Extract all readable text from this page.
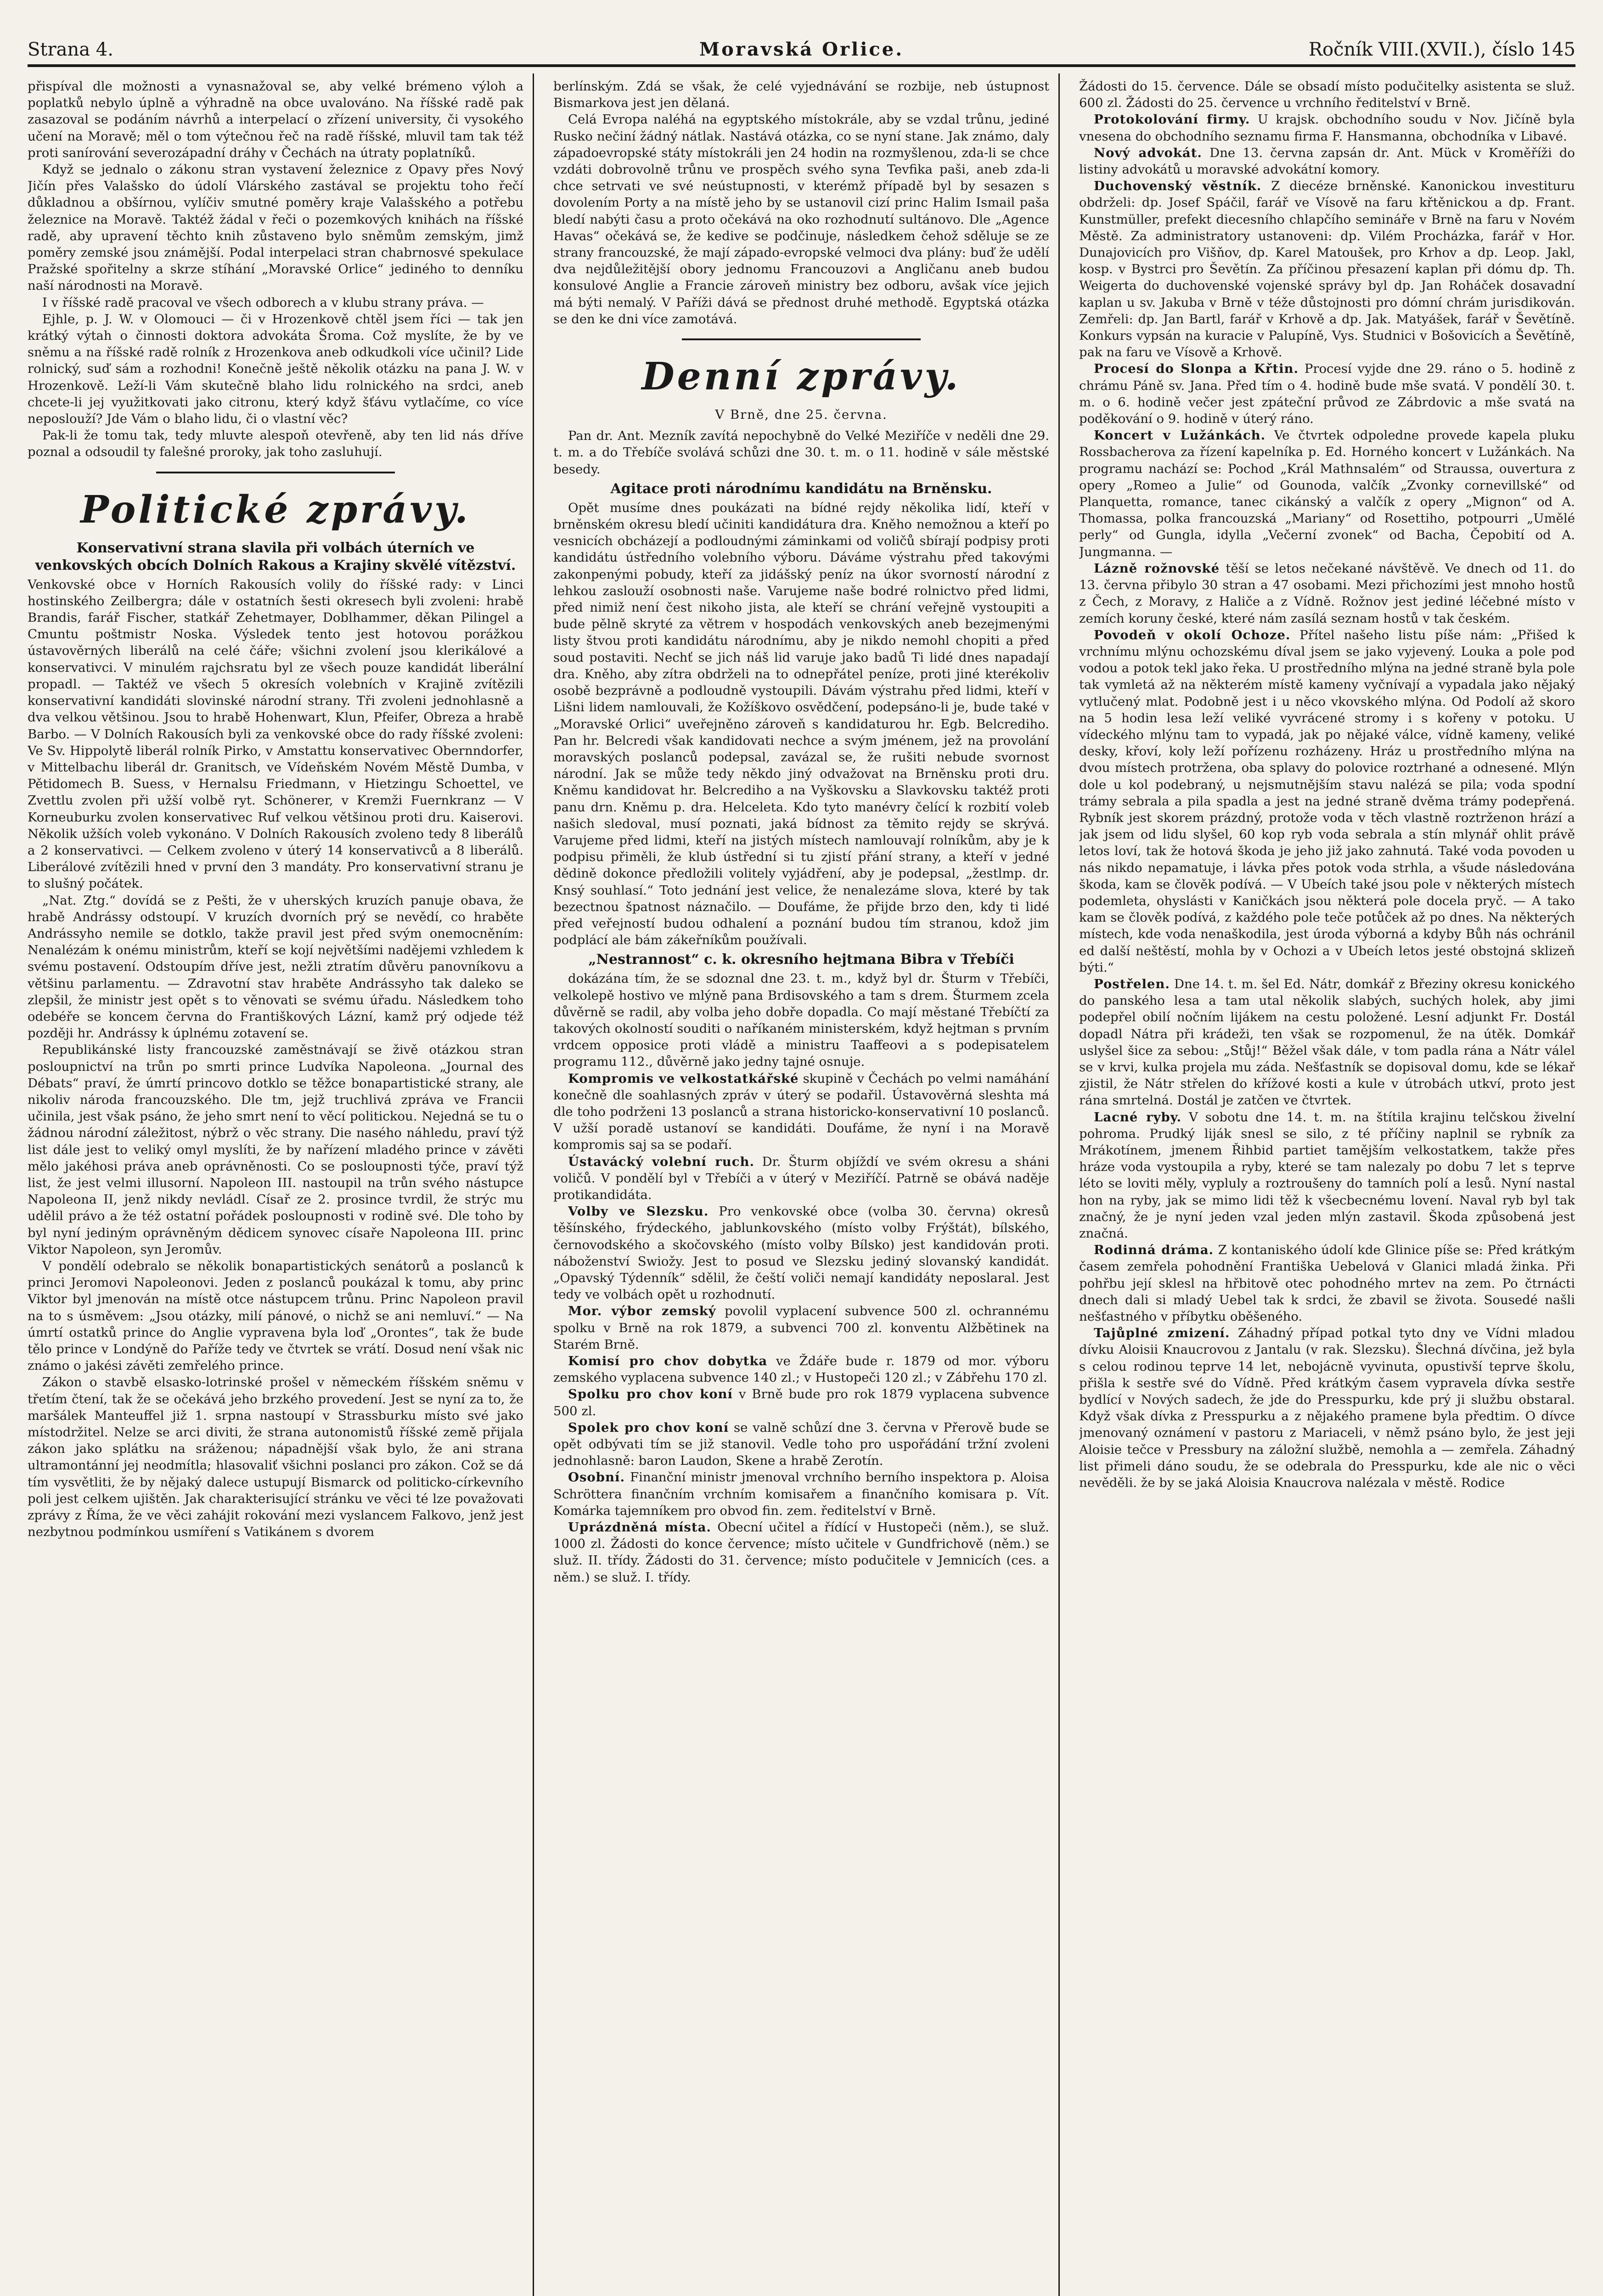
Strana 4.	Moravská Orlice.	Ročník VIII.(XVII.), číslo 145

přispíval dle možnosti a vynasnažoval se, aby velké brémeno výloh a poplatků nebylo úplně a výhradně na obce uvalováno. Na říšské radě pak zasazoval se podáním návrhů a interpelací o zřízení university, či vysokého učení na Moravě; měl o tom výtečnou řeč na radě říšské, mluvil tam tak též proti sanírování severozápadní dráhy v Čechách na útraty poplatníků.

Když se jednalo o zákonu stran vystavení železnice z Opavy přes Nový Jičín přes Valašsko do údolí Vlárského zastával se projektu toho řečí důkladnou a obšírnou, vylíčiv smutné poměry kraje Valašského a potřebu železnice na Moravě. Taktéž žádal v řeči o pozemkových knihách na říšské radě, aby upravení těchto knih zůstaveno bylo sněmům zemským, jimž poměry zemské jsou známější. Podal interpelaci stran chabrnosvé spekulace Pražské spořitelny a skrze stíhání „Moravské Orlice“ jediného to denníku naší národnosti na Moravě.

I v říšské radě pracoval ve všech odborech a v klubu strany práva. —

Ejhle, p. J. W. v Olomouci — či v Hrozenkově chtěl jsem říci — tak jen krátký výtah o činnosti doktora advokáta Šroma. Což myslíte, že by ve sněmu a na říšské radě rolník z Hrozenkova aneb odkudkoli více učinil? Lide rolnický, suď sám a rozhodni! Konečně ještě několik otázku na pana J. W. v Hrozenkově. Leží-li Vám skutečně blaho lidu rolnického na srdci, aneb chcete-li jej využitkovati jako citronu, který když šťávu vytlačíme, co více neposlouží? Jde Vám o blaho lidu, či o vlastní věc?

Pak-li že tomu tak, tedy mluvte alespoň otevřeně, aby ten lid nás dříve poznal a odsoudil ty falešné proroky, jak toho zasluhují.

Politické zprávy.
Konservativní strana slavila při volbách úterních ve venkovských obcích Dolních Rakous a Krajiny skvělé vítězství.

Venkovské obce v Horních Rakousích volily do říšské rady: v Linci hostinského Zeilbergra; dále v ostatních šesti okresech byli zvoleni: hrabě Brandis, farář Fischer, statkář Zehetmayer, Doblhammer, děkan Pilingel a Cmuntu poštmistr Noska. Výsledek tento jest hotovou porážkou ústavověrných liberálů na celé čáře; všichni zvolení jsou klerikálové a konservativci. V minulém rajchsratu byl ze všech pouze kandidát liberální propadl. — Taktéž ve všech 5 okresích volebních v Krajině zvítězili konservativní kandidáti slovinské národní strany. Tři zvoleni jednohlasně a dva velkou většinou. Jsou to hrabě Hohenwart, Klun, Pfeifer, Obreza a hrabě Barbo. — V Dolních Rakousích byli za venkovské obce do rady říšské zvoleni: Ve Sv. Hippolytě liberál rolník Pirko, v Amstattu konservativec Obernndorfer, v Mittelbachu liberál dr. Granitsch, ve Vídeňském Novém Městě Dumba, v Pětidomech B. Suess, v Hernalsu Friedmann, v Hietzingu Schoettel, ve Zvettlu zvolen při užší volbě ryt. Schönerer, v Kremži Fuernkranz — V Korneuburku zvolen konservativec Ruf velkou většinou proti dru. Kaiserovi. Několik užších voleb vykonáno. V Dolních Rakousích zvoleno tedy 8 liberálů a 2 konservativci. — Celkem zvoleno v úterý 14 konservativců a 8 liberálů. Liberálové zvítězili hned v první den 3 mandáty. Pro konservativní stranu je to slušný počátek.

„Nat. Ztg.“ dovídá se z Pešti, že v uherských kruzích panuje obava, že hrabě Andrássy odstoupí. V kruzích dvorních prý se nevědí, co hraběte Andrássyho nemile se dotklo, takže pravil jest před svým onemocněním: Nenalézám k onému ministrům, kteří se kojí největšími nadějemi vzhledem k svému postavení. Odstoupím dříve jest, nežli ztratím důvěru panovníkovu a většinu parlamentu. — Zdravotní stav hraběte Andrássyho tak daleko se zlepšil, že ministr jest opět s to věnovati se svému úřadu. Následkem toho odebéře se koncem června do Františkových Lázní, kamž prý odjede též později hr. Andrássy k úplnému zotavení se.

Republikánské listy francouzské zaměstnávají se živě otázkou stran posloupnictví na trůn po smrti prince Ludvíka Napoleona. „Journal des Débats“ praví, že úmrtí princovo dotklo se těžce bonapartistické strany, ale nikoliv národa francouzského. Dle tm, jejž truchlivá zpráva ve Francii učinila, jest však psáno, že jeho smrt není to věcí politickou. Nejedná se tu o žádnou národní záležitost, nýbrž o věc strany. Die nasého náhledu, praví týž list dále jest to veliký omyl myslíti, že by nařízení mladého prince v závěti mělo jakéhosi práva aneb oprávněnosti. Co se posloupnosti týče, praví týž list, že jest velmi illusorní. Napoleon III. nastoupil na trůn svého nástupce Napoleona II, jenž nikdy nevládl. Císař ze 2. prosince tvrdil, že strýc mu udělil právo a že též ostatní pořádek posloupnosti v rodině své. Dle toho by byl nyní jediným oprávněným dědicem synovec císaře Napoleona III. princ Viktor Napoleon, syn Jeromův.

V pondělí odebralo se několik bonapartistických senátorů a poslanců k princi Jeromovi Napoleonovi. Jeden z poslanců poukázal k tomu, aby princ Viktor byl jmenován na místě otce nástupcem trůnu. Princ Napoleon pravil na to s úsměvem: „Jsou otázky, milí pánové, o nichž se ani nemluví.“ — Na úmrtí ostatků prince do Anglie vypravena byla loď „Orontes“, tak že bude tělo prince v Londýně do Paříže tedy ve čtvrtek se vrátí. Dosud není však nic známo o jakési závěti zemřelého prince.

Zákon o stavbě elsasko-lotrinské prošel v německém říšském sněmu v třetím čtení, tak že se očekává jeho brzkého provedení. Jest se nyní za to, že maršálek Manteuffel již 1. srpna nastoupí v Strassburku místo své jako místodržitel. Nelze se arci diviti, že strana autonomistů říšské země přijala zákon jako splátku na sráženou; nápadnější však bylo, že ani strana ultramontánní jej neodmítla; hlasovaliť všichni poslanci pro zákon. Což se dá tím vysvětliti, že by nějaký dalece ustupují Bismarck od politicko-církevního poli jest celkem ujištěn. Jak charakterisující stránku ve věci té lze považovati zprávy z Říma, že ve věci zahájit rokování mezi vyslancem Falkovo, jenž jest nezbytnou podmínkou usmíření s Vatikánem s dvorem

berlínským. Zdá se však, že celé vyjednávání se rozbije, neb ústupnost Bismarkova jest jen dělaná.

Celá Evropa naléhá na egyptského místokrále, aby se vzdal trůnu, jediné Rusko nečiní žádný nátlak. Nastává otázka, co se nyní stane. Jak známo, daly západoevropské státy místokráli jen 24 hodin na rozmyšlenou, zda-li se chce vzdáti dobrovolně trůnu ve prospěch svého syna Tevfika paši, aneb zda-li chce setrvati ve své neústupnosti, v kterémž případě byl by sesazen s dovolením Porty a na místě jeho by se ustanovil cizí princ Halim Ismail paša bledí nabýti času a proto očekává na oko rozhodnutí sultánovo. Dle „Agence Havas“ očekává se, že kedive se podčinuje, následkem čehož sděluje se ze strany francouzské, že mají západo-evropské velmoci dva plány: buď že udělí dva nejdůležitější obory jednomu Francouzovi a Angličanu aneb budou konsulové Anglie a Francie zároveň ministry bez odboru, avšak více jejich má býti nemalý. V Paříži dává se přednost druhé methodě. Egyptská otázka se den ke dni více zamotává.

Denní zprávy.
V Brně, dne 25. června.

Pan dr. Ant. Mezník zavítá nepochybně do Velké Meziříče v neděli dne 29. t. m. a do Třebíče svolává schůzi dne 30. t. m. o 11. hodině v sále městské besedy.

Agitace proti národnímu kandidátu na Brněnsku.

Opět musíme dnes poukázati na bídné rejdy několika lidí, kteří v brněnském okresu bledí učiniti kandidátura dra. Kněho nemožnou a kteří po vesnicích obcházejí a podloudnými záminkami od voličů sbírají podpisy proti kandidátu ústředního volebního výboru. Dáváme výstrahu před takovými zakonpenými pobudy, kteří za jidášský peníz na úkor svorností národní z lehkou zaslouží osobnosti naše. Varujeme naše bodré rolnictvo před lidmi, před nimiž není čest nikoho jista, ale kteří se chrání veřejně vystoupiti a bude pělně skryté za větrem v hospodách venkovských aneb bezejmenými listy štvou proti kandidátu národnímu, aby je nikdo nemohl chopiti a před soud postaviti. Nechť se jich náš lid varuje jako badů Ti lidé dnes napadají dra. Kněho, aby zítra obdrželi na to odnepřátel peníze, proti jiné kterékoliv osobě bezprávně a podloudně vystoupili. Dávám výstrahu před lidmi, kteří v Lišni lidem namlouvali, že Kožíškovo osvědčení, podepsáno-li je, bude také v „Moravské Orlici“ uveřejněno zároveň s kandidaturou hr. Egb. Belcrediho. Pan hr. Belcredi však kandidovati nechce a svým jménem, jež na provolání moravských poslanců podepsal, zavázal se, že rušiti nebude svornost národní. Jak se může tedy někdo jiný odvažovat na Brněnsku proti dru. Kněmu kandidovat hr. Belcrediho a na Vyškovsku a Slavkovsku taktéž proti panu drn. Kněmu p. dra. Helceleta. Kdo tyto manévry čelící k rozbití voleb našich sledoval, musí poznati, jaká bídnost za těmito rejdy se skrývá. Varujeme před lidmi, kteří na jistých místech namlouvají rolníkům, aby je k podpisu přiměli, že klub ústřední si tu zjistí přání strany, a kteří v jedné dědině dokonce předložili volitely vyjádření, aby je podepsal, „žestlmp. dr. Knsý souhlasí.“ Toto jednání jest velice, že nenalezáme slova, které by tak bezectnou špatnost náznačilo. — Doufáme, že přijde brzo den, kdy ti lidé před veřejností budou odhalení a poznání budou tím stranou, kdož jim podplácí ale bám zákeřníkům používali.

„Nestrannost“ c. k. okresního hejtmana Bibra v Třebíči

dokázána tím, že se sdoznal dne 23. t. m., když byl dr. Šturm v Třebíči, velkolepě hostivo ve mlýně pana Brdisovského a tam s drem. Šturmem zcela důvěrně se radil, aby volba jeho dobře dopadla. Co mají městané Třebíčtí za takových okolností souditi o naříkaném ministerském, když hejtman s prvním vrdcem opposice proti vládě a ministru Taaffeovi a s podepisatelem programu 112., důvěrně jako jedny tajné osnuje.

Kompromis ve velkostatkářské skupině v Čechách po velmi namáhání konečně dle soahlasných zpráv v úterý se podařil. Ústavověrná sleshta má dle toho podrženi 13 poslanců a strana historicko-konservativní 10 poslanců. V užší poradě ustanoví se kandidáti. Doufáme, že nyní i na Moravě kompromis saj sa se podaří.

Ústavácký volební ruch. Dr. Šturm objíždí ve svém okresu a sháni voličů. V pondělí byl v Třebíči a v úterý v Meziříčí. Patrně se obává naděje protikandidáta.

Volby ve Slezsku. Pro venkovské obce (volba 30. června) okresů těšínského, frýdeckého, jablunkovského (místo volby Frýštát), bílského, černovodského a skočovského (místo volby Bílsko) jest kandidován proti. náboženství Swiožy. Jest to posud ve Slezsku jediný slovanský kandidát. „Opavský Týdenník“ sdělil, že čeští voliči nemají kandidáty neposlaral. Jest tedy ve volbách opět u rozhodnutí.

Mor. výbor zemský povolil vyplacení subvence 500 zl. ochrannému spolku v Brně na rok 1879, a subvenci 700 zl. konventu Alžbětinek na Starém Brně.

Komisí pro chov dobytka ve Ždáře bude r. 1879 od mor. výboru zemského vyplacena subvence 140 zl.; v Hustopeči 120 zl.; v Zábřehu 170 zl.

Spolku pro chov koní v Brně bude pro rok 1879 vyplacena subvence 500 zl.

Spolek pro chov koní se valně schůzí dne 3. června v Přerově bude se opět odbývati tím se již stanovil. Vedle toho pro uspořádání tržní zvoleni jednohlasně: baron Laudon, Skene a hrabě Zerotín.

Osobní. Finanční ministr jmenoval vrchního berního inspektora p. Aloisa Schröttera finančním vrchním komisařem a finančního komisara p. Vít. Komárka tajemníkem pro obvod fin. zem. ředitelství v Brně.

Uprázdněná místa. Obecní učitel a řídící v Hustopeči (něm.), se služ. 1000 zl. Žádosti do konce července; místo učitele v Gundfrichově (něm.) se služ. II. třídy. Žádosti do 31. července; místo podučitele v Jemnicích (ces. a něm.) se služ. I. třídy.

Žádosti do 15. července. Dále se obsadí místo podučitelky asistenta se služ. 600 zl. Žádosti do 25. července u vrchního ředitelství v Brně.

Protokolování firmy. U krajsk. obchodního soudu v Nov. Jičíně byla vnesena do obchodního seznamu firma F. Hansmanna, obchodníka v Libavé.

Nový advokát. Dne 13. června zapsán dr. Ant. Mück v Kroměříži do listiny advokátů u moravské advokátní komory.

Duchovenský věstník. Z diecéze brněnské. Kanonickou investituru obdrželi: dp. Josef Spáčil, farář ve Vísově na faru křtěnickou a dp. Frant. Kunstmüller, prefekt diecesního chlapčího semináře v Brně na faru v Novém Městě. Za administratory ustanoveni: dp. Vilém Procházka, farář v Hor. Dunajovicích pro Višňov, dp. Karel Matoušek, pro Krhov a dp. Leop. Jakl, kosp. v Bystrci pro Ševětín. Za příčinou přesazení kaplan při dómu dp. Th. Weigerta do duchovenské vojenské správy byl dp. Jan Roháček dosavadní kaplan u sv. Jakuba v Brně v téže důstojnosti pro dómní chrám jurisdikován. Zemřeli: dp. Jan Bartl, farář v Krhově a dp. Jak. Matyášek, farář v Ševětíně. Konkurs vypsán na kuracie v Palupíně, Vys. Studnici v Bošovicích a Ševětíně, pak na faru ve Vísově a Krhově.

Procesí do Slonpa a Křtin. Procesí vyjde dne 29. ráno o 5. hodině z chrámu Páně sv. Jana. Před tím o 4. hodině bude mše svatá. V pondělí 30. t. m. o 6. hodině večer jest zpáteční průvod ze Zábrdovic a mše svatá na poděkování o 9. hodině v úterý ráno.

Koncert v Lužánkách. Ve čtvrtek odpoledne provede kapela pluku Rossbacherova za řízení kapelníka p. Ed. Horného koncert v Lužánkách. Na programu nachází se: Pochod „Král Mathnsalém“ od Straussa, ouvertura z opery „Romeo a Julie“ od Gounoda, valčík „Zvonky cornevillské“ od Planquetta, romance, tanec cikánský a valčík z opery „Mignon“ od A. Thomassa, polka francouzská „Mariany“ od Rosettiho, potpourri „Umělé perly“ od Gungla, idylla „Večerní zvonek“ od Bacha, Čepobití od A. Jungmanna. —

Lázně rožnovské těší se letos nečekané návštěvě. Ve dnech od 11. do 13. června přibylo 30 stran a 47 osobami. Mezi přichozími jest mnoho hostů z Čech, z Moravy, z Haliče a z Vídně. Rožnov jest jediné léčebné místo v zemích koruny české, které nám zasílá seznam hostů v tak českém.

Povodeň v okolí Ochoze. Přítel našeho listu píše nám: „Přišed k vrchnímu mlýnu ochozskému díval jsem se jako vyjevený. Louka a pole pod vodou a potok tekl jako řeka. U prostředního mlýna na jedné straně byla pole tak vymletá až na některém místě kameny vyčnívají a vypadala jako nějaký vytlučený mlat. Podobně jest i u něco vkovského mlýna. Od Podolí až skoro na 5 hodin lesa leží veliké vyvrácené stromy i s kořeny v potoku. U vídeckého mlýnu tam to vypadá, jak po nějaké válce, vídně kameny, veliké desky, křoví, koly leží pořízenu rozházeny. Hráz u prostředního mlýna na dvou místech protržena, oba splavy do polovice roztrhané a odnesené. Mlýn dole u kol podebraný, u nejsmutnějším stavu nalézá se pila; voda spodní trámy sebrala a pila spadla a jest na jedné straně dvěma trámy podepřená. Rybník jest skorem prázdný, protože voda v těch vlastně roztrženon hrází a jak jsem od lidu slyšel, 60 kop ryb voda sebrala a stín mlynář ohlit právě letos loví, tak že hotová škoda je jeho již jako zahnutá. Také voda povoden u nás nikdo nepamatuje, i lávka přes potok voda strhla, a všude následována škoda, kam se člověk podívá. — V Ubeích také jsou pole v některých místech podemleta, ohyslásti v Kaničkách jsou některá pole docela pryč. — A tako kam se člověk podívá, z každého pole teče potůček až po dnes. Na některých místech, kde voda nenaškodila, jest úroda výborná a kdyby Bůh nás ochránil ed další neštěstí, mohla by v Ochozi a v Ubeích letos jesté obstojná sklizeň býti.“

Postřelen. Dne 14. t. m. šel Ed. Nátr, domkář z Březiny okresu konického do panského lesa a tam utal několik slabých, suchých holek, aby jimi podepřel obilí nočním lijákem na cestu položené. Lesní adjunkt Fr. Dostál dopadl Nátra při krádeži, ten však se rozpomenul, že na útěk. Domkář uslyšel šice za sebou: „Stůj!“ Běžel však dále, v tom padla rána a Nátr válel se v krvi, kulka projela mu záda. Nešťastník se dopisoval domu, kde se lékař zjistil, že Nátr střelen do křížové kosti a kule v útrobách utkví, proto jest rána smrtelná. Dostál je zatčen ve čtvrtek.

Lacné ryby. V sobotu dne 14. t. m. na štítila krajinu telčskou živelní pohroma. Prudký liják snesl se silo, z té příčiny naplnil se rybník za Mrákotínem, jmenem Řihbid partiet tamějším velkostatkem, takže přes hráze voda vystoupila a ryby, které se tam nalezaly po dobu 7 let s teprve léto se loviti měly, vypluly a roztroušeny do tamních polí a lesů. Nyní nastal hon na ryby, jak se mimo lidi těž k všecbecnému lovení. Naval ryb byl tak značný, že je nyní jeden vzal jeden mlýn zastavil. Škoda způsobená jest značná.

Rodinná dráma. Z kontaniského údolí kde Glinice píše se: Před krátkým časem zemřela pohodnění Františka Uebelová v Glanici mladá žinka. Při pohřbu její sklesl na hřbitově otec pohodného mrtev na zem. Po čtrnácti dnech dali si mladý Uebel tak k srdci, že zbavil se života. Sousedé našli nešťastného v příbytku oběšeného.

Tajůplné zmizení. Záhadný případ potkal tyto dny ve Vídni mladou dívku Aloisii Knaucrovou z Jantalu (v rak. Slezsku). Šlechná dívčina, jež byla s celou rodinou teprve 14 let, nebojácně vyvinuta, opustivší teprve školu, přišla k sestře své do Vídně. Před krátkým časem vypravela dívka sestře bydlící v Nových sadech, že jde do Presspurku, kde prý ji službu obstaral. Když však dívka z Presspurku a z nějakého pramene byla předtim. O dívce jmenovaný oznámení v pastoru z Mariaceli, v němž psáno bylo, že jest jeji Aloisie tečce v Pressbury na záložní službě, nemohla a — zemřela. Záhadný list přimeli dáno soudu, že se odebrala do Presspurku, kde ale nic o věci nevěděli. že by se jaká Aloisia Knaucrova nalézala v městě. Rodice
